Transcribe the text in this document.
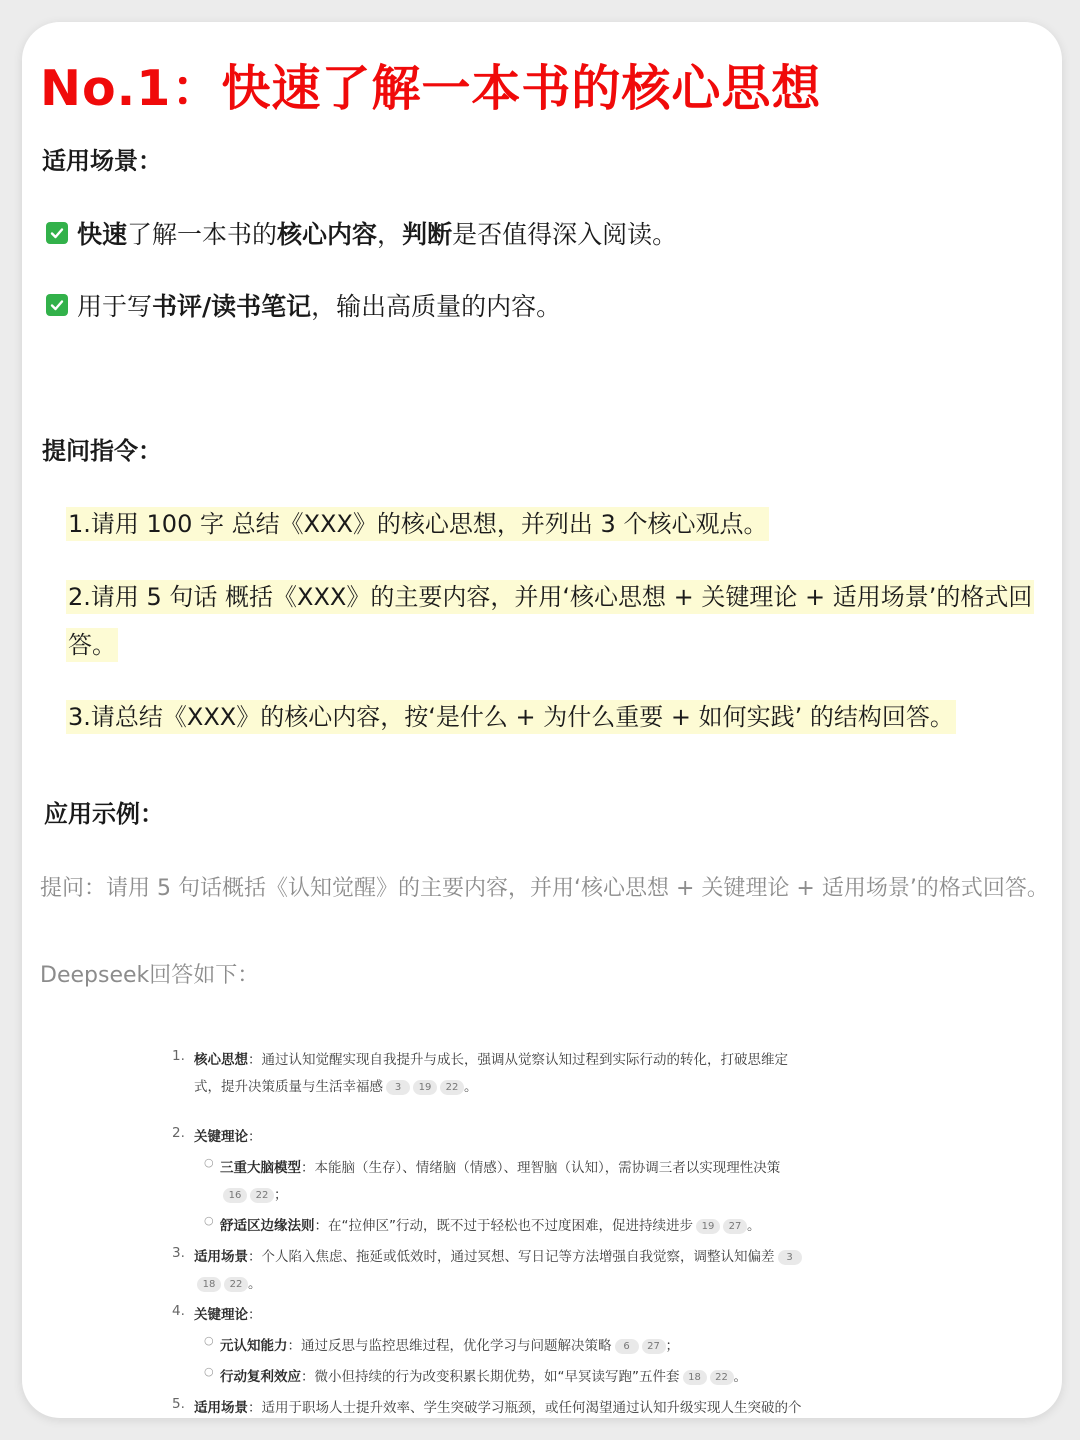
No.1：快速了解一本书的核心思想
适用场景：
快速 了解一本书的 核心内容 ， 判断 是否值得深入阅读。
用于写 书评/读书笔记 ，输出高质量的内容。
提问指令：
1.请用 100 字 总结《XXX》的核心思想，并列出 3 个核心观点。
2.请用 5 句话 概括《XXX》的主要内容，并用‘核心思想 + 关键理论 + 适用场景’的格式回答。
3.请总结《XXX》的核心内容，按‘是什么 + 为什么重要 + 如何实践’ 的结构回答。
应用示例：
提问：请用 5 句话概括《认知觉醒》的主要内容，并用‘核心思想 + 关键理论 + 适用场景’的格式回答。
Deepseek回答如下：
1. 核心思想：通过认知觉醒实现自我提升与成长，强调从觉察认知过程到实际行动的转化，打破思维定
式，提升决策质量与生活幸福感 3 19 22 。
2. 关键理论：
○ 三重大脑模型：本能脑（生存）、情绪脑（情感）、理智脑（认知），需协调三者以实现理性决策
16 22 ；
○ 舒适区边缘法则：在“拉伸区”行动，既不过于轻松也不过度困难，促进持续进步 19 27 。
3. 适用场景：个人陷入焦虑、拖延或低效时，通过冥想、写日记等方法增强自我觉察，调整认知偏差 3
18 22 。
4. 关键理论：
○ 元认知能力：通过反思与监控思维过程，优化学习与问题解决策略 6 27 ；
○ 行动复利效应：微小但持续的行为改变积累长期优势，如“早冥读写跑”五件套 18 22 。
5. 适用场景：适用于职场人士提升效率、学生突破学习瓶颈，或任何渴望通过认知升级实现人生突破的个
